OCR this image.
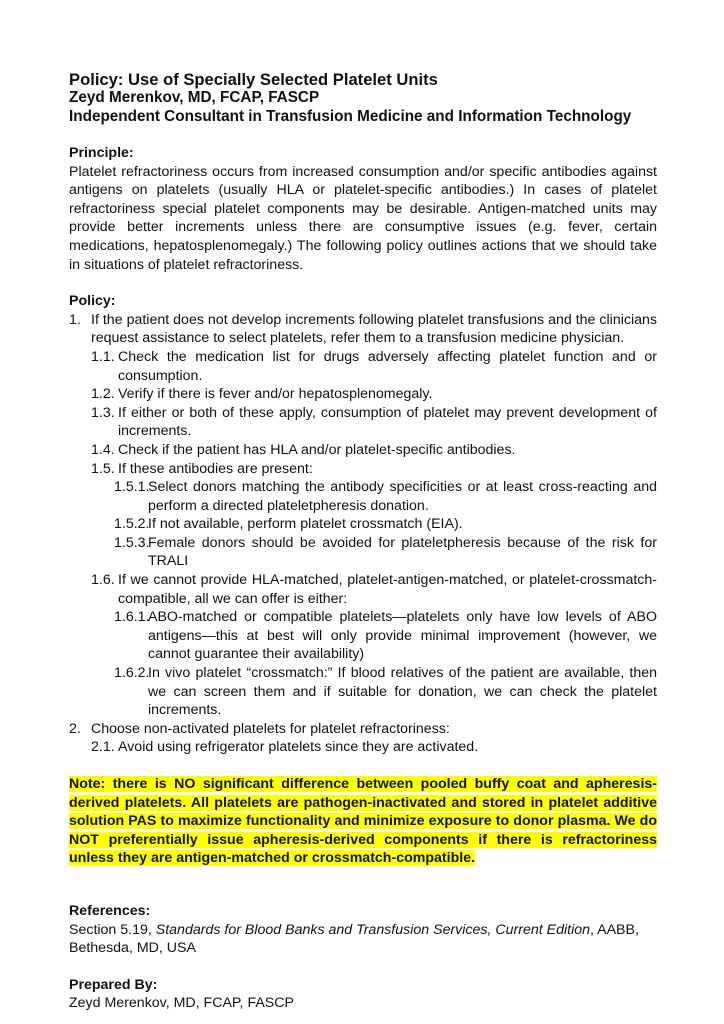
Policy: Use of Specially Selected Platelet Units
Zeyd Merenkov, MD, FCAP, FASCP
Independent Consultant in Transfusion Medicine and Information Technology
Principle:

Platelet refractoriness occurs from increased consumption and/or specific antibodies against antigens on platelets (usually HLA or platelet-specific antibodies.) In cases of platelet refractoriness special platelet components may be desirable. Antigen-matched units may provide better increments unless there are consumptive issues (e.g. fever, certain medications, hepatosplenomegaly.) The following policy outlines actions that we should take in situations of platelet refractoriness.

Policy:
1. If the patient does not develop increments following platelet transfusions and the clinicians request assistance to select platelets, refer them to a transfusion medicine physician.
1.1. Check the medication list for drugs adversely affecting platelet function and or consumption.
1.2. Verify if there is fever and/or hepatosplenomegaly.
1.3. If either or both of these apply, consumption of platelet may prevent development of increments.
1.4. Check if the patient has HLA and/or platelet-specific antibodies.
1.5. If these antibodies are present:
1.5.1.
Select donors matching the antibody specificities or at least cross-reacting and perform a directed plateletpheresis donation.
1.5.2.
If not available, perform platelet crossmatch (EIA).
1.5.3.
Female donors should be avoided for plateletpheresis because of the risk for TRALI
1.6. If we cannot provide HLA-matched, platelet-antigen-matched, or platelet-crossmatch-compatible, all we can offer is either:
1.6.1.
ABO-matched or compatible platelets—platelets only have low levels of ABO antigens—this at best will only provide minimal improvement (however, we cannot guarantee their availability)
1.6.2.
In vivo platelet “crossmatch:” If blood relatives of the patient are available, then we can screen them and if suitable for donation, we can check the platelet increments.
2. Choose non-activated platelets for platelet refractoriness:
2.1. Avoid using refrigerator platelets since they are activated.
Note: there is NO significant difference between pooled buffy coat and apheresis-derived platelets. All platelets are pathogen-inactivated and stored in platelet additive solution PAS to maximize functionality and minimize exposure to donor plasma. We do NOT preferentially issue apheresis-derived components if there is refractoriness unless they are antigen-matched or crossmatch-compatible.
References:
Section 5.19, Standards for Blood Banks and Transfusion Services, Current Edition, AABB, Bethesda, MD, USA
Prepared By:
Zeyd Merenkov, MD, FCAP, FASCP
